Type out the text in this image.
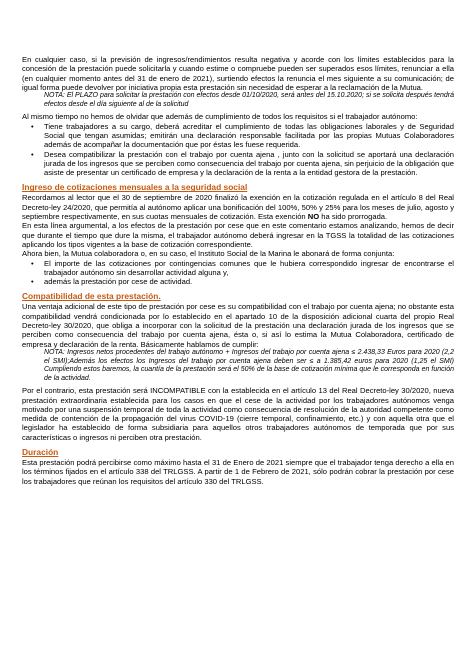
En cualquier caso, si la previsión de ingresos/rendimientos resulta negativa y acorde con los límites establecidos para la concesión de la prestación puede solicitarla y cuando estime o compruebe pueden ser superados esos límites, renunciar a ella (en cualquier momento antes del 31 de enero de 2021), surtiendo efectos la renuncia el mes siguiente a su comunicación; de igual forma puede devolver por iniciativa propia esta prestación sin necesidad de esperar a la reclamación de la Mutua.

NOTA: El PLAZO para solicitar la prestación con efectos desde 01/10/2020, será antes del 15.10.2020; si se solicita después tendrá efectos desde el día siguiente al de la solicitud

Al mismo tiempo no hemos de olvidar que además de cumplimiento de todos los requisitos si el trabajador autónomo:

• Tiene trabajadores a su cargo, deberá acreditar el cumplimiento de todas las obligaciones laborales y de Seguridad Social que tengan asumidas; emitirán una declaración responsable facilitada por las propias Mutuas Colaboradores además de acompañar la documentación que por éstas les fuese requerida.
• Desea compatibilizar la prestación con el trabajo por cuenta ajena , junto con la solicitud se aportará una declaración jurada de los ingresos que se perciben como consecuencia del trabajo por cuenta ajena, sin perjuicio de la obligación que asiste de presentar un certificado de empresa y la declaración de la renta a la entidad gestora de la prestación.
Ingreso de cotizaciones mensuales a la seguridad social

Recordamos al lector que el 30 de septiembre de 2020 finalizó la exención en la cotización regulada en el artículo 8 del Real Decreto-ley 24/2020, que permitía al autónomo aplicar una bonificación del 100%, 50% y 25% para los meses de julio, agosto y septiembre respectivamente, en sus cuotas mensuales de cotización. Esta exención NO ha sido prorrogada.

En esta línea argumental, a los efectos de la prestación por cese que en este comentario estamos analizando, hemos de decir que durante el tiempo que dure la misma, el trabajador autónomo deberá ingresar en la TGSS la totalidad de las cotizaciones aplicando los tipos vigentes a la base de cotización correspondiente.

Ahora bien, la Mutua colaboradora o, en su caso, el Instituto Social de la Marina le abonará de forma conjunta:

• El importe de las cotizaciones por contingencias comunes que le hubiera correspondido ingresar de encontrarse el trabajador autónomo sin desarrollar actividad alguna y,
• además la prestación por cese de actividad.
Compatibilidad de esta prestación.

Una ventaja adicional de este tipo de prestación por cese es su compatibilidad con el trabajo por cuenta ajena; no obstante esta compatibilidad vendrá condicionada por lo establecido en el apartado 10 de la disposición adicional cuarta del propio Real Decreto-ley 30/2020, que obliga a incorporar con la solicitud de la prestación una declaración jurada de los ingresos que se perciben como consecuencia del trabajo por cuenta ajena, ésta o, si así lo estima la Mutua Colaboradora, certificado de empresa y declaración de la renta. Básicamente hablamos de cumplir:

NOTA: Ingresos netos procedentes del trabajo autónomo + Ingresos del trabajo por cuenta ajena ≤ 2.438,33 Euros para 2020 (2,2 el SMI);Además los efectos los Ingresos del trabajo por cuenta ajena deben ser ≤ a 1.385,42 euros para 2020 (1,25 el SMI) Cumpliendo estos baremos, la cuantía de la prestación será el 50% de la base de cotización mínima que le corresponda en función de la actividad.

Por el contrario, esta prestación será INCOMPATIBLE con la establecida en el artículo 13 del Real Decreto-ley 30/2020, nueva prestación extraordinaria establecida para los casos en que el cese de la actividad por los trabajadores autónomos venga motivado por una suspensión temporal de toda la actividad como consecuencia de resolución de la autoridad competente como medida de contención de la propagación del virus COVID-19 (cierre temporal, confinamiento, etc.) y con aquella otra que el legislador ha establecido de forma subsidiaria para aquellos otros trabajadores autónomos de temporada que por sus características o ingresos ni perciben otra prestación.

Duración

Esta prestación podrá percibirse como máximo hasta el 31 de Enero de 2021 siempre que el trabajador tenga derecho a ella en los términos fijados en el artículo 338 del TRLGSS. A partir de 1 de Febrero de 2021, sólo podrán cobrar la prestación por cese los trabajadores que reúnan los requisitos del artículo 330 del TRLGSS.
